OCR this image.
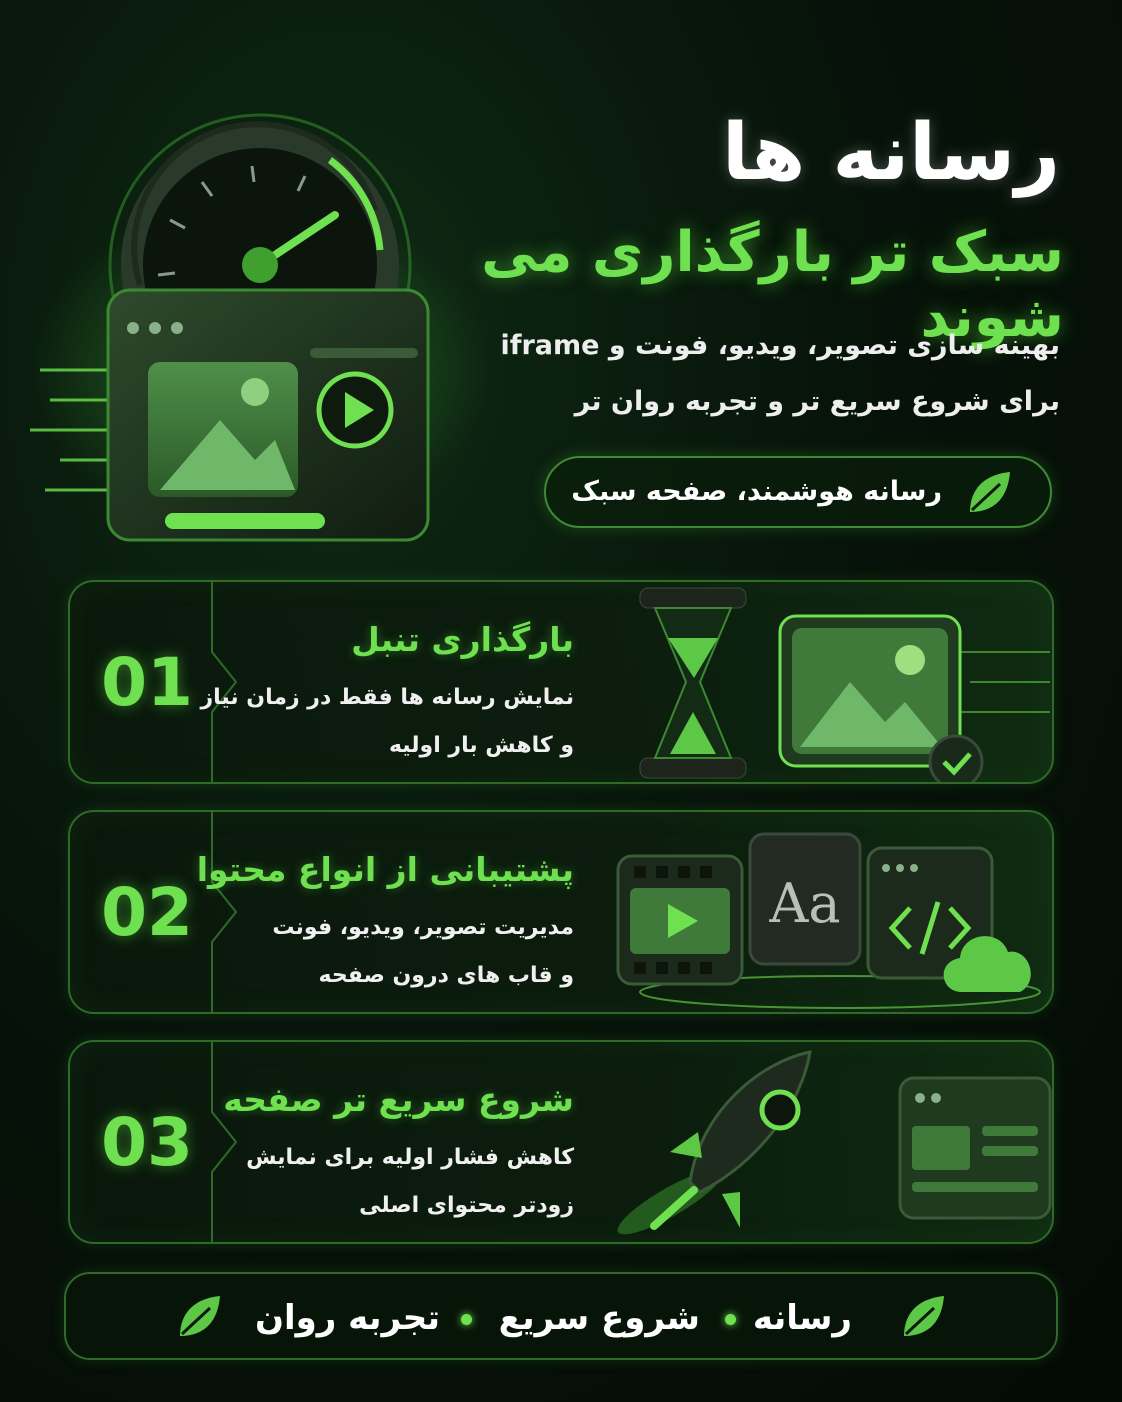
رسانه ها
سبک تر بارگذاری می شوند
بهینه سازی تصویر، ویدیو، فونت و iframe
برای شروع سریع تر و تجربه روان تر
رسانه هوشمند، صفحه سبک
01
بارگذاری تنبل
نمایش رسانه ها فقط در زمان نیاز
و کاهش بار اولیه
02
پشتیبانی از انواع محتوا
مدیریت تصویر، ویدیو، فونت
و قاب های درون صفحه
Aa
03
شروع سریع تر صفحه
کاهش فشار اولیه برای نمایش
زودتر محتوای اصلی
رسانه
شروع سریع
تجربه روان
